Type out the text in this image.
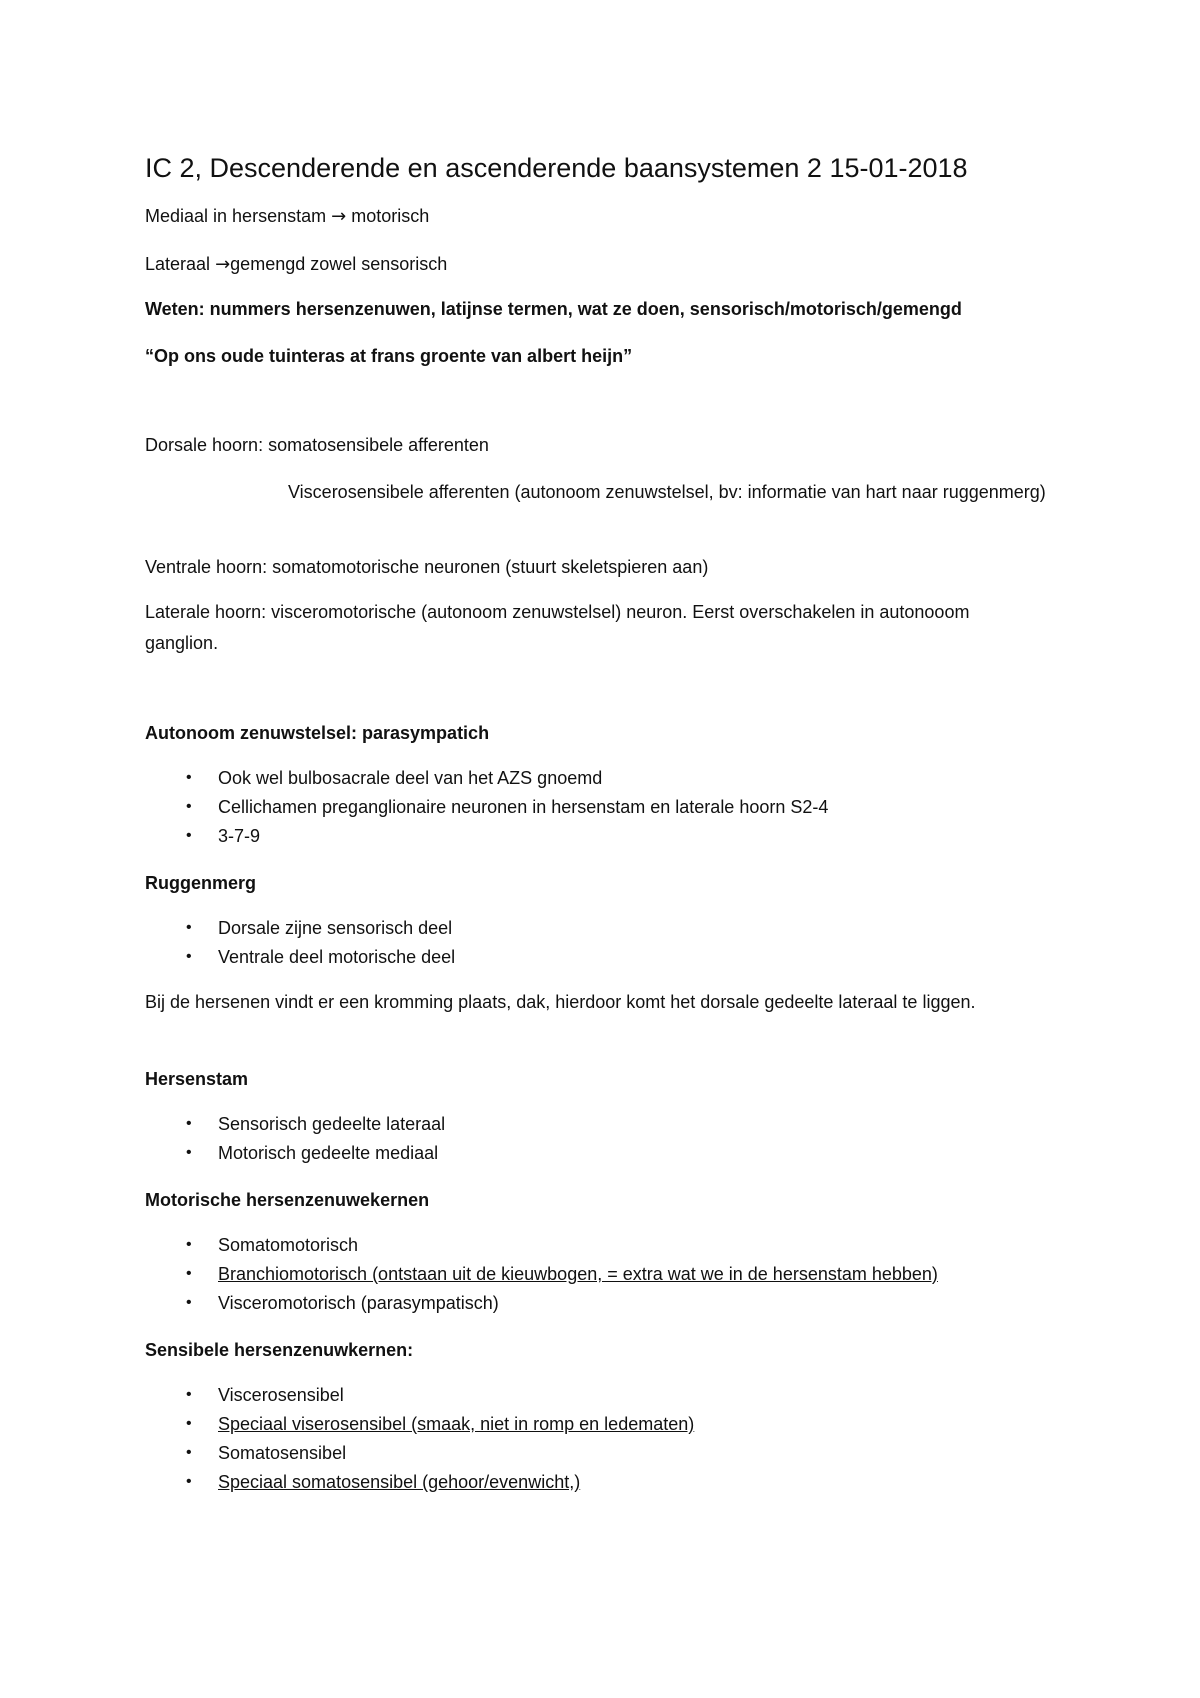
IC 2, Descenderende en ascenderende baansystemen 2 15-01-2018
Mediaal in hersenstam → motorisch
Lateraal →gemengd zowel sensorisch
Weten: nummers hersenzenuwen, latijnse termen, wat ze doen, sensorisch/motorisch/gemengd
“Op ons oude tuinteras at frans groente van albert heijn”
Dorsale hoorn: somatosensibele afferenten
Viscerosensibele afferenten (autonoom zenuwstelsel, bv: informatie van hart naar ruggenmerg)
Ventrale hoorn: somatomotorische neuronen (stuurt skeletspieren aan)
Laterale hoorn: visceromotorische (autonoom zenuwstelsel) neuron. Eerst overschakelen in autonooom ganglion.
Autonoom zenuwstelsel: parasympatich
• Ook wel bulbosacrale deel van het AZS gnoemd
• Cellichamen preganglionaire neuronen in hersenstam en laterale hoorn S2-4
• 3-7-9
Ruggenmerg
• Dorsale zijne sensorisch deel
• Ventrale deel motorische deel
Bij de hersenen vindt er een kromming plaats, dak, hierdoor komt het dorsale gedeelte lateraal te liggen.
Hersenstam
• Sensorisch gedeelte lateraal
• Motorisch gedeelte mediaal
Motorische hersenzenuwekernen
• Somatomotorisch
• Branchiomotorisch (ontstaan uit de kieuwbogen, = extra wat we in de hersenstam hebben)
• Visceromotorisch (parasympatisch)
Sensibele hersenzenuwkernen:
• Viscerosensibel
• Speciaal viserosensibel (smaak, niet in romp en ledematen)
• Somatosensibel
• Speciaal somatosensibel (gehoor/evenwicht,)
